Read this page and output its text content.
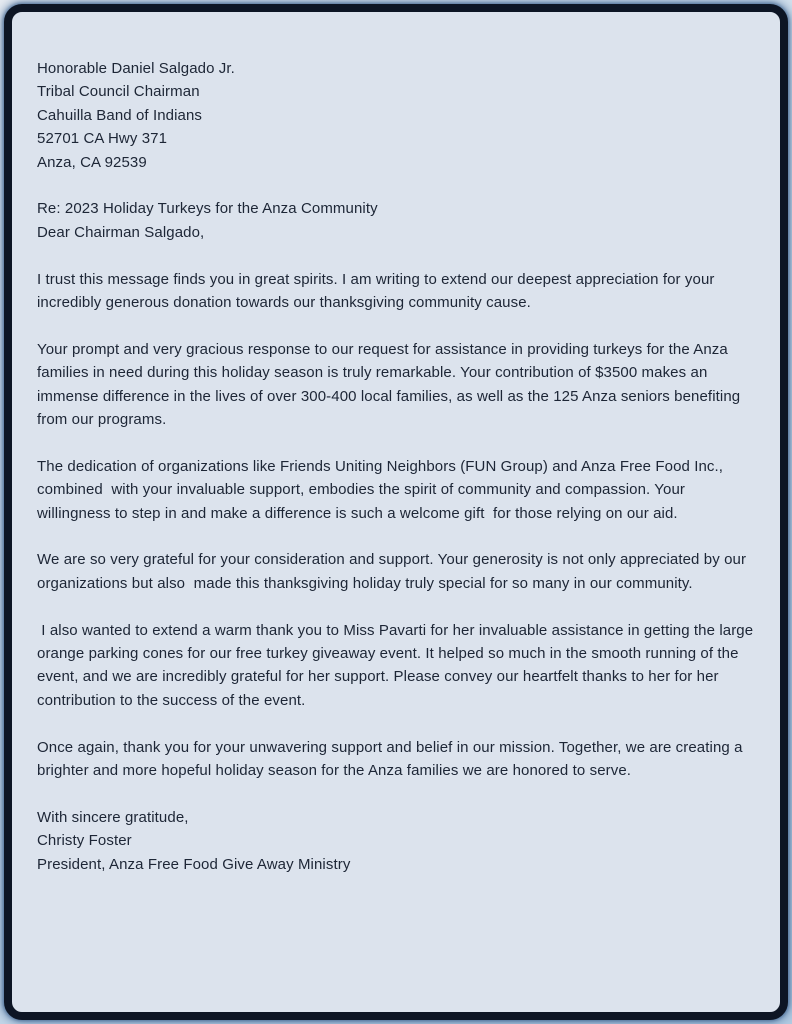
Honorable Daniel Salgado Jr.
Tribal Council Chairman
Cahuilla Band of Indians
52701 CA Hwy 371
Anza, CA 92539
Re: 2023 Holiday Turkeys for the Anza Community
Dear Chairman Salgado,

I trust this message finds you in great spirits. I am writing to extend our deepest appreciation for your incredibly generous donation towards our thanksgiving community cause.

Your prompt and very gracious response to our request for assistance in providing turkeys for the Anza families in need during this holiday season is truly remarkable. Your contribution of $3500 makes an immense difference in the lives of over 300-400 local families, as well as the 125 Anza seniors benefiting from our programs.

The dedication of organizations like Friends Uniting Neighbors (FUN Group) and Anza Free Food Inc., combined  with your invaluable support, embodies the spirit of community and compassion. Your willingness to step in and make a difference is such a welcome gift  for those relying on our aid.

We are so very grateful for your consideration and support. Your generosity is not only appreciated by our organizations but also  made this thanksgiving holiday truly special for so many in our community.

I also wanted to extend a warm thank you to Miss Pavarti for her invaluable assistance in getting the large orange parking cones for our free turkey giveaway event. It helped so much in the smooth running of the event, and we are incredibly grateful for her support. Please convey our heartfelt thanks to her for her contribution to the success of the event.

Once again, thank you for your unwavering support and belief in our mission. Together, we are creating a brighter and more hopeful holiday season for the Anza families we are honored to serve.

With sincere gratitude,
Christy Foster
President, Anza Free Food Give Away Ministry
